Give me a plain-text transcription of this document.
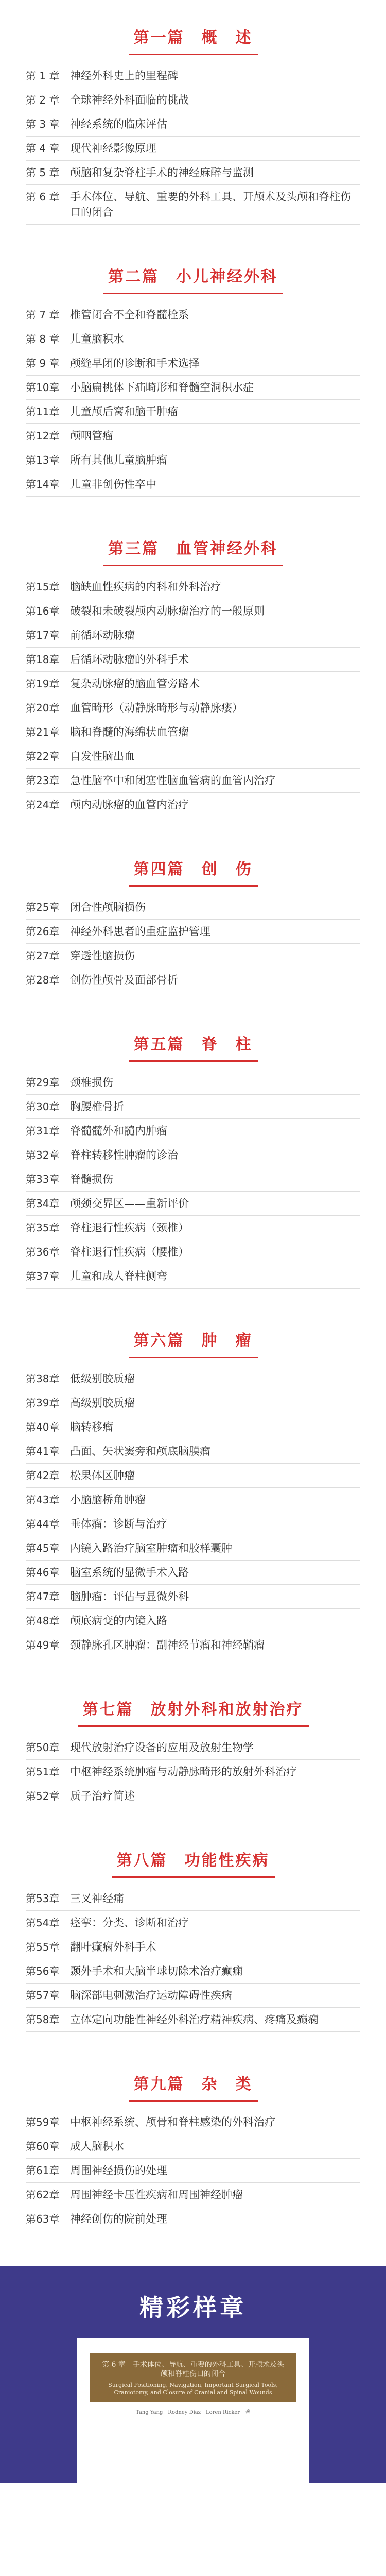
第一篇　概　述
第 1 章 神经外科史上的里程碑
第 2 章 全球神经外科面临的挑战
第 3 章 神经系统的临床评估
第 4 章 现代神经影像原理
第 5 章 颅脑和复杂脊柱手术的神经麻醉与监测
第 6 章 手术体位、导航、重要的外科工具、开颅术及头颅和脊柱伤口的闭合
第二篇　小儿神经外科
第 7 章 椎管闭合不全和脊髓栓系
第 8 章 儿童脑积水
第 9 章 颅缝早闭的诊断和手术选择
第10章 小脑扁桃体下疝畸形和脊髓空洞积水症
第11章 儿童颅后窝和脑干肿瘤
第12章 颅咽管瘤
第13章 所有其他儿童脑肿瘤
第14章 儿童非创伤性卒中
第三篇　血管神经外科
第15章 脑缺血性疾病的内科和外科治疗
第16章 破裂和未破裂颅内动脉瘤治疗的一般原则
第17章 前循环动脉瘤
第18章 后循环动脉瘤的外科手术
第19章 复杂动脉瘤的脑血管旁路术
第20章 血管畸形（动静脉畸形与动静脉瘘）
第21章 脑和脊髓的海绵状血管瘤
第22章 自发性脑出血
第23章 急性脑卒中和闭塞性脑血管病的血管内治疗
第24章 颅内动脉瘤的血管内治疗
第四篇　创　伤
第25章 闭合性颅脑损伤
第26章 神经外科患者的重症监护管理
第27章 穿透性脑损伤
第28章 创伤性颅骨及面部骨折
第五篇　脊　柱
第29章 颈椎损伤
第30章 胸腰椎骨折
第31章 脊髓髓外和髓内肿瘤
第32章 脊柱转移性肿瘤的诊治
第33章 脊髓损伤
第34章 颅颈交界区——重新评价
第35章 脊柱退行性疾病（颈椎）
第36章 脊柱退行性疾病（腰椎）
第37章 儿童和成人脊柱侧弯
第六篇　肿　瘤
第38章 低级别胶质瘤
第39章 高级别胶质瘤
第40章 脑转移瘤
第41章 凸面、矢状窦旁和颅底脑膜瘤
第42章 松果体区肿瘤
第43章 小脑脑桥角肿瘤
第44章 垂体瘤：诊断与治疗
第45章 内镜入路治疗脑室肿瘤和胶样囊肿
第46章 脑室系统的显微手术入路
第47章 脑肿瘤：评估与显微外科
第48章 颅底病变的内镜入路
第49章 颈静脉孔区肿瘤：副神经节瘤和神经鞘瘤
第七篇　放射外科和放射治疗
第50章 现代放射治疗设备的应用及放射生物学
第51章 中枢神经系统肿瘤与动静脉畸形的放射外科治疗
第52章 质子治疗简述
第八篇　功能性疾病
第53章 三叉神经痛
第54章 痉挛：分类、诊断和治疗
第55章 翻叶癫痫外科手术
第56章 颞外手术和大脑半球切除术治疗癫痫
第57章 脑深部电刺激治疗运动障碍性疾病
第58章 立体定向功能性神经外科治疗精神疾病、疼痛及癫痫
第九篇　杂　类
第59章 中枢神经系统、颅骨和脊柱感染的外科治疗
第60章 成人脑积水
第61章 周围神经损伤的处理
第62章 周围神经卡压性疾病和周围神经肿瘤
第63章 神经创伤的院前处理
精彩样章
第 6 章　手术体位、导航、重要的外科工具、开颅术及头颅和脊柱伤口的闭合
Surgical Positioning, Navigation, Important Surgical Tools, Craniotomy, and Closure of Cranial and Spinal Wounds
Tang Yang　Rodney Diaz　Loren Ricker　著
